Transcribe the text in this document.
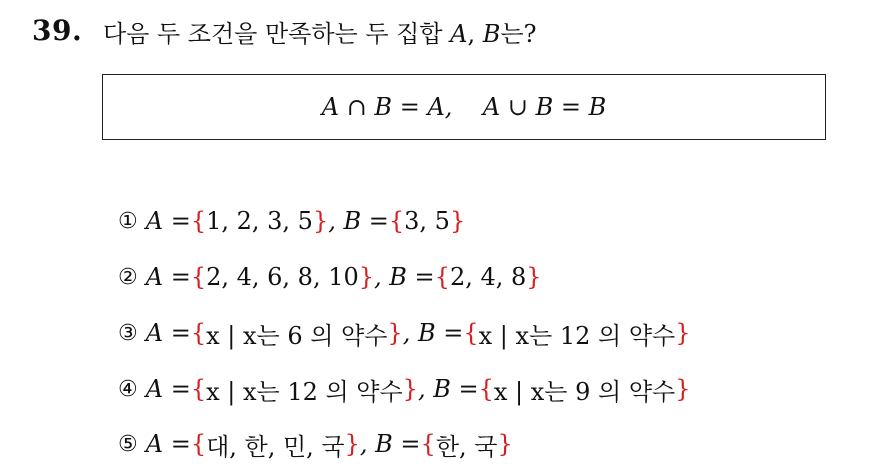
39. 다음 두 조건을 만족하는 두 집합 A, B는?
A ∩ B = A,    A ∪ B = B
① A = { 1, 2, 3, 5 } , B = { 3, 5 }
② A = { 2, 4, 6, 8, 10 } , B = { 2, 4, 8 }
③ A = { x | x는 6 의 약수 } , B = { x | x는 12 의 약수 }
④ A = { x | x는 12 의 약수 } , B = { x | x는 9 의 약수 }
⑤ A = { 대, 한, 민, 국 } , B = { 한, 국 }
